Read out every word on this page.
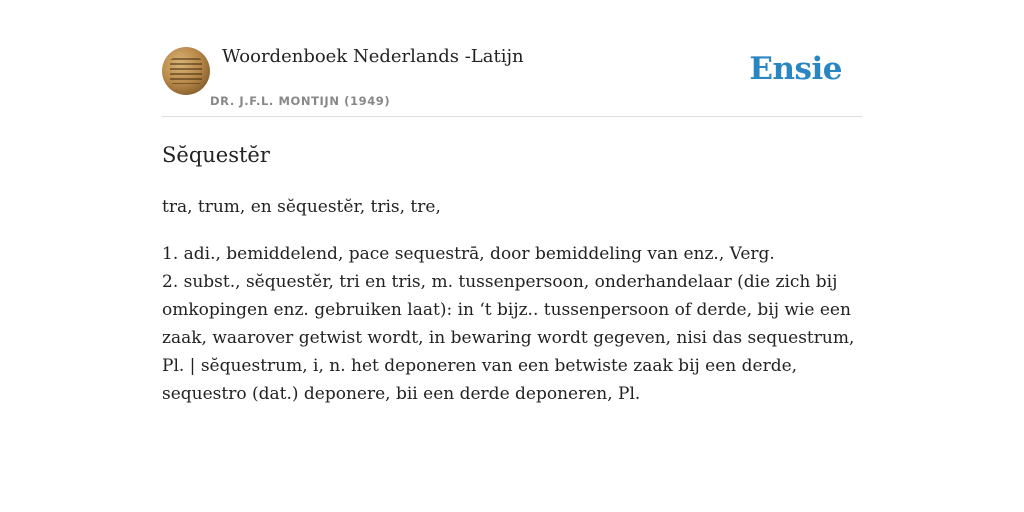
Woordenboek Nederlands -Latijn
DR. J.F.L. MONTIJN (1949)
Ensie
Sĕquestĕr
tra, trum, en sĕquestĕr, tris, tre,

1. adi., bemiddelend, pace sequestrā, door bemiddeling van enz., Verg.

2. subst., sĕquestĕr, tri en tris, m. tussenpersoon, onderhandelaar (die zich bij omkopingen enz. gebruiken laat): in ‘t bijz.. tussenpersoon of derde, bij wie een zaak, waarover getwist wordt, in bewaring wordt gegeven, nisi das sequestrum, Pl. | sĕquestrum, i, n. het deponeren van een betwiste zaak bij een derde, sequestro (dat.) deponere, bii een derde deponeren, Pl.
